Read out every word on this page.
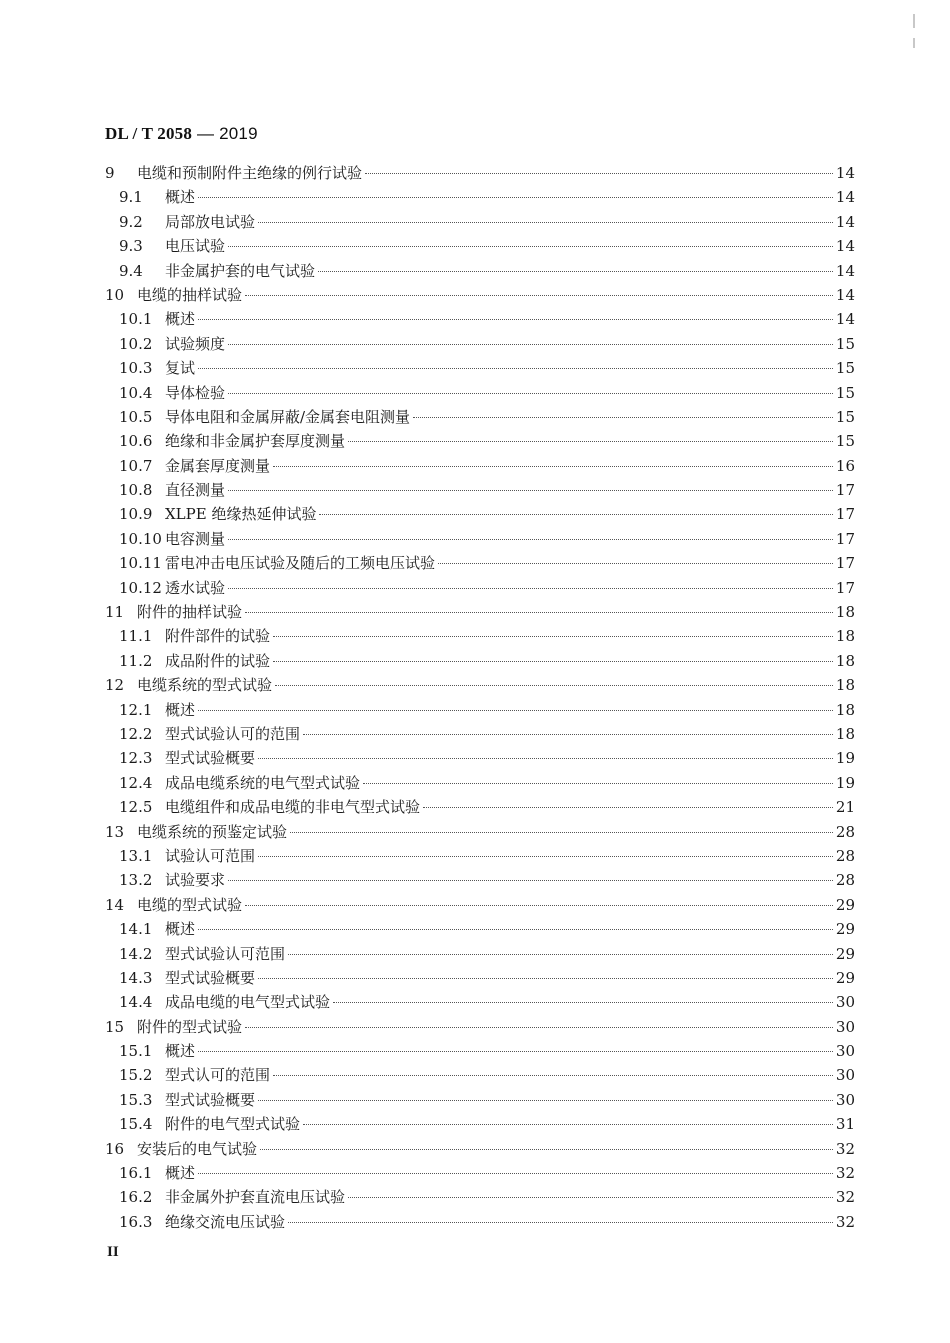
DL / T 2058 — 2019
9	电缆和预制附件主绝缘的例行试验	14
9.1	概述	14
9.2	局部放电试验	14
9.3	电压试验	14
9.4	非金属护套的电气试验	14
10 电缆的抽样试验	14
10.1 概述	14
10.2 试验频度	15
10.3 复试	15
10.4 导体检验	15
10.5 导体电阻和金属屏蔽/金属套电阻测量	15
10.6 绝缘和非金属护套厚度测量	15
10.7 金属套厚度测量	16
10.8 直径测量	17
10.9 XLPE 绝缘热延伸试验	17
10.10 电容测量	17
10.11 雷电冲击电压试验及随后的工频电压试验	17
10.12 透水试验	17
11 附件的抽样试验	18
11.1 附件部件的试验	18
11.2 成品附件的试验	18
12 电缆系统的型式试验	18
12.1 概述	18
12.2 型式试验认可的范围	18
12.3 型式试验概要	19
12.4 成品电缆系统的电气型式试验	19
12.5 电缆组件和成品电缆的非电气型式试验	21
13 电缆系统的预鉴定试验	28
13.1 试验认可范围	28
13.2 试验要求	28
14 电缆的型式试验	29
14.1 概述	29
14.2 型式试验认可范围	29
14.3 型式试验概要	29
14.4 成品电缆的电气型式试验	30
15 附件的型式试验	30
15.1 概述	30
15.2 型式认可的范围	30
15.3 型式试验概要	30
15.4 附件的电气型式试验	31
16 安装后的电气试验	32
16.1 概述	32
16.2 非金属外护套直流电压试验	32
16.3 绝缘交流电压试验	32
II
